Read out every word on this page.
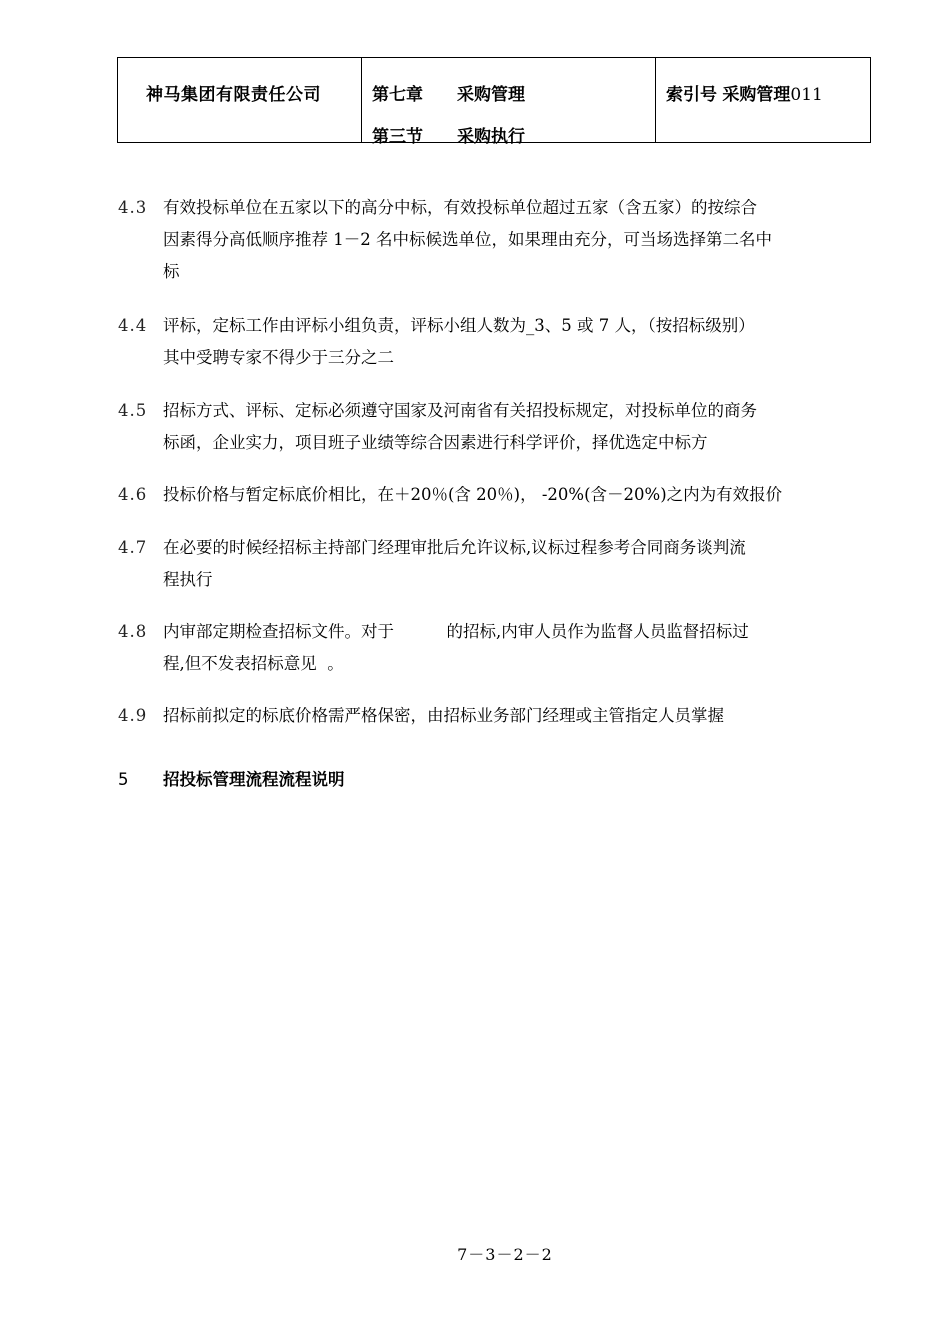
神马集团有限责任公司	第七章 采购管理
第三节 采购执行
索引号 采购管理011
4.3 有效投标单位在五家以下的高分中标，有效投标单位超过五家（含五家）的按综合
因素得分高低顺序推荐 1－2 名中标候选单位，如果理由充分，可当场选择第二名中
标
4.4 评标，定标工作由评标小组负责，评标小组人数为_3、5 或 7 人，（按招标级别）
其中受聘专家不得少于三分之二
4.5 招标方式、评标、定标必须遵守国家及河南省有关招投标规定，对投标单位的商务
标函，企业实力，项目班子业绩等综合因素进行科学评价，择优选定中标方
4.6 投标价格与暂定标底价相比，在＋20％(含 20％)， -20%(含－20%)之内为有效报价
4.7 在必要的时候经招标主持部门经理审批后允许议标,议标过程参考合同商务谈判流
程执行
4.8 内审部定期检查招标文件。对于          的招标,内审人员作为监督人员监督招标过
程,但不发表招标意见  。
4.9 招标前拟定的标底价格需严格保密，由招标业务部门经理或主管指定人员掌握
5 招投标管理流程流程说明
7－3－2－2
